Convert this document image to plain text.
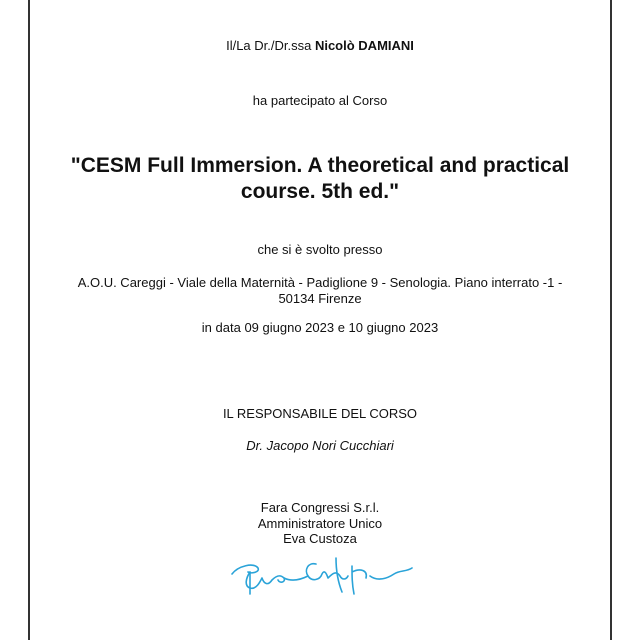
Il/La Dr./Dr.ssa Nicolò DAMIANI
ha partecipato al Corso
"CESM Full Immersion. A theoretical and practical course. 5th ed."
che si è svolto presso
A.O.U. Careggi - Viale della Maternità - Padiglione 9 - Senologia. Piano interrato -1 - 50134 Firenze
in data 09 giugno 2023 e 10 giugno 2023
IL RESPONSABILE DEL CORSO
Dr. Jacopo Nori Cucchiari
Fara Congressi S.r.l.
Amministratore Unico
Eva Custoza
